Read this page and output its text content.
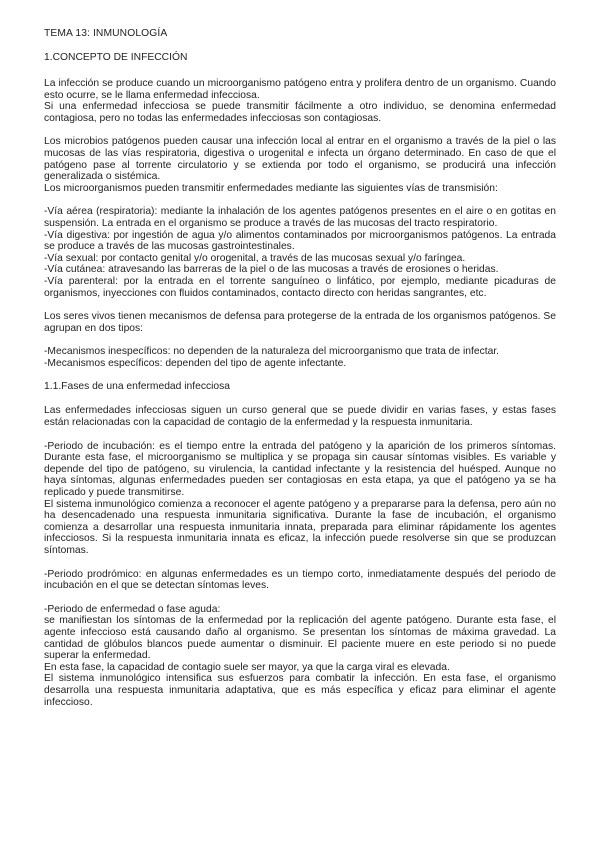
TEMA 13: INMUNOLOGÍA

1.CONCEPTO DE INFECCIÓN

La infección se produce cuando un microorganismo patógeno entra y prolifera dentro de un organismo. Cuando esto ocurre, se le llama enfermedad infecciosa.

Si una enfermedad infecciosa se puede transmitir fácilmente a otro individuo, se denomina enfermedad contagiosa, pero no todas las enfermedades infecciosas son contagiosas.

Los microbios patógenos pueden causar una infección local al entrar en el organismo a través de la piel o las mucosas de las vías respiratoria, digestiva o urogenital e infecta un órgano determinado. En caso de que el patógeno pase al torrente circulatorio y se extienda por todo el organismo, se producirá una infección generalizada o sistémica.

Los microorganismos pueden transmitir enfermedades mediante las siguientes vías de transmisión:

-Vía aérea (respiratoria): mediante la inhalación de los agentes patógenos presentes en el aire o en gotitas en suspensión. La entrada en el organismo se produce a través de las mucosas del tracto respiratorio.

-Vía digestiva: por ingestión de agua y/o alimentos contaminados por microorganismos patógenos. La entrada se produce a través de las mucosas gastrointestinales.

-Vía sexual: por contacto genital y/o orogenital, a través de las mucosas sexual y/o faríngea.

-Vía cutánea: atravesando las barreras de la piel o de las mucosas a través de erosiones o heridas.

-Vía parenteral: por la entrada en el torrente sanguíneo o linfático, por ejemplo, mediante picaduras de organismos, inyecciones con fluidos contaminados, contacto directo con heridas sangrantes, etc.

Los seres vivos tienen mecanismos de defensa para protegerse de la entrada de los organismos patógenos. Se agrupan en dos tipos:

-Mecanismos inespecíficos: no dependen de la naturaleza del microorganismo que trata de infectar.

-Mecanismos específicos: dependen del tipo de agente infectante.

1.1.Fases de una enfermedad infecciosa

Las enfermedades infecciosas siguen un curso general que se puede dividir en varias fases, y estas fases están relacionadas con la capacidad de contagio de la enfermedad y la respuesta inmunitaria.

-Periodo de incubación: es el tiempo entre la entrada del patógeno y la aparición de los primeros síntomas. Durante esta fase, el microorganismo se multiplica y se propaga sin causar síntomas visibles. Es variable y depende del tipo de patógeno, su virulencia, la cantidad infectante y la resistencia del huésped. Aunque no haya síntomas, algunas enfermedades pueden ser contagiosas en esta etapa, ya que el patógeno ya se ha replicado y puede transmitirse.

El sistema inmunológico comienza a reconocer el agente patógeno y a prepararse para la defensa, pero aún no ha desencadenado una respuesta inmunitaria significativa. Durante la fase de incubación, el organismo comienza a desarrollar una respuesta inmunitaria innata, preparada para eliminar rápidamente los agentes infecciosos. Si la respuesta inmunitaria innata es eficaz, la infección puede resolverse sin que se produzcan síntomas.

-Periodo prodrómico: en algunas enfermedades es un tiempo corto, inmediatamente después del periodo de incubación en el que se detectan síntomas leves.

-Periodo de enfermedad o fase aguda:

se manifiestan los síntomas de la enfermedad por la replicación del agente patógeno. Durante esta fase, el agente infeccioso está causando daño al organismo. Se presentan los síntomas de máxima gravedad. La cantidad de glóbulos blancos puede aumentar o disminuir. El paciente muere en este periodo si no puede superar la enfermedad.

En esta fase, la capacidad de contagio suele ser mayor, ya que la carga viral es elevada.

El sistema inmunológico intensifica sus esfuerzos para combatir la infección. En esta fase, el organismo desarrolla una respuesta inmunitaria adaptativa, que es más específica y eficaz para eliminar el agente infeccioso.
